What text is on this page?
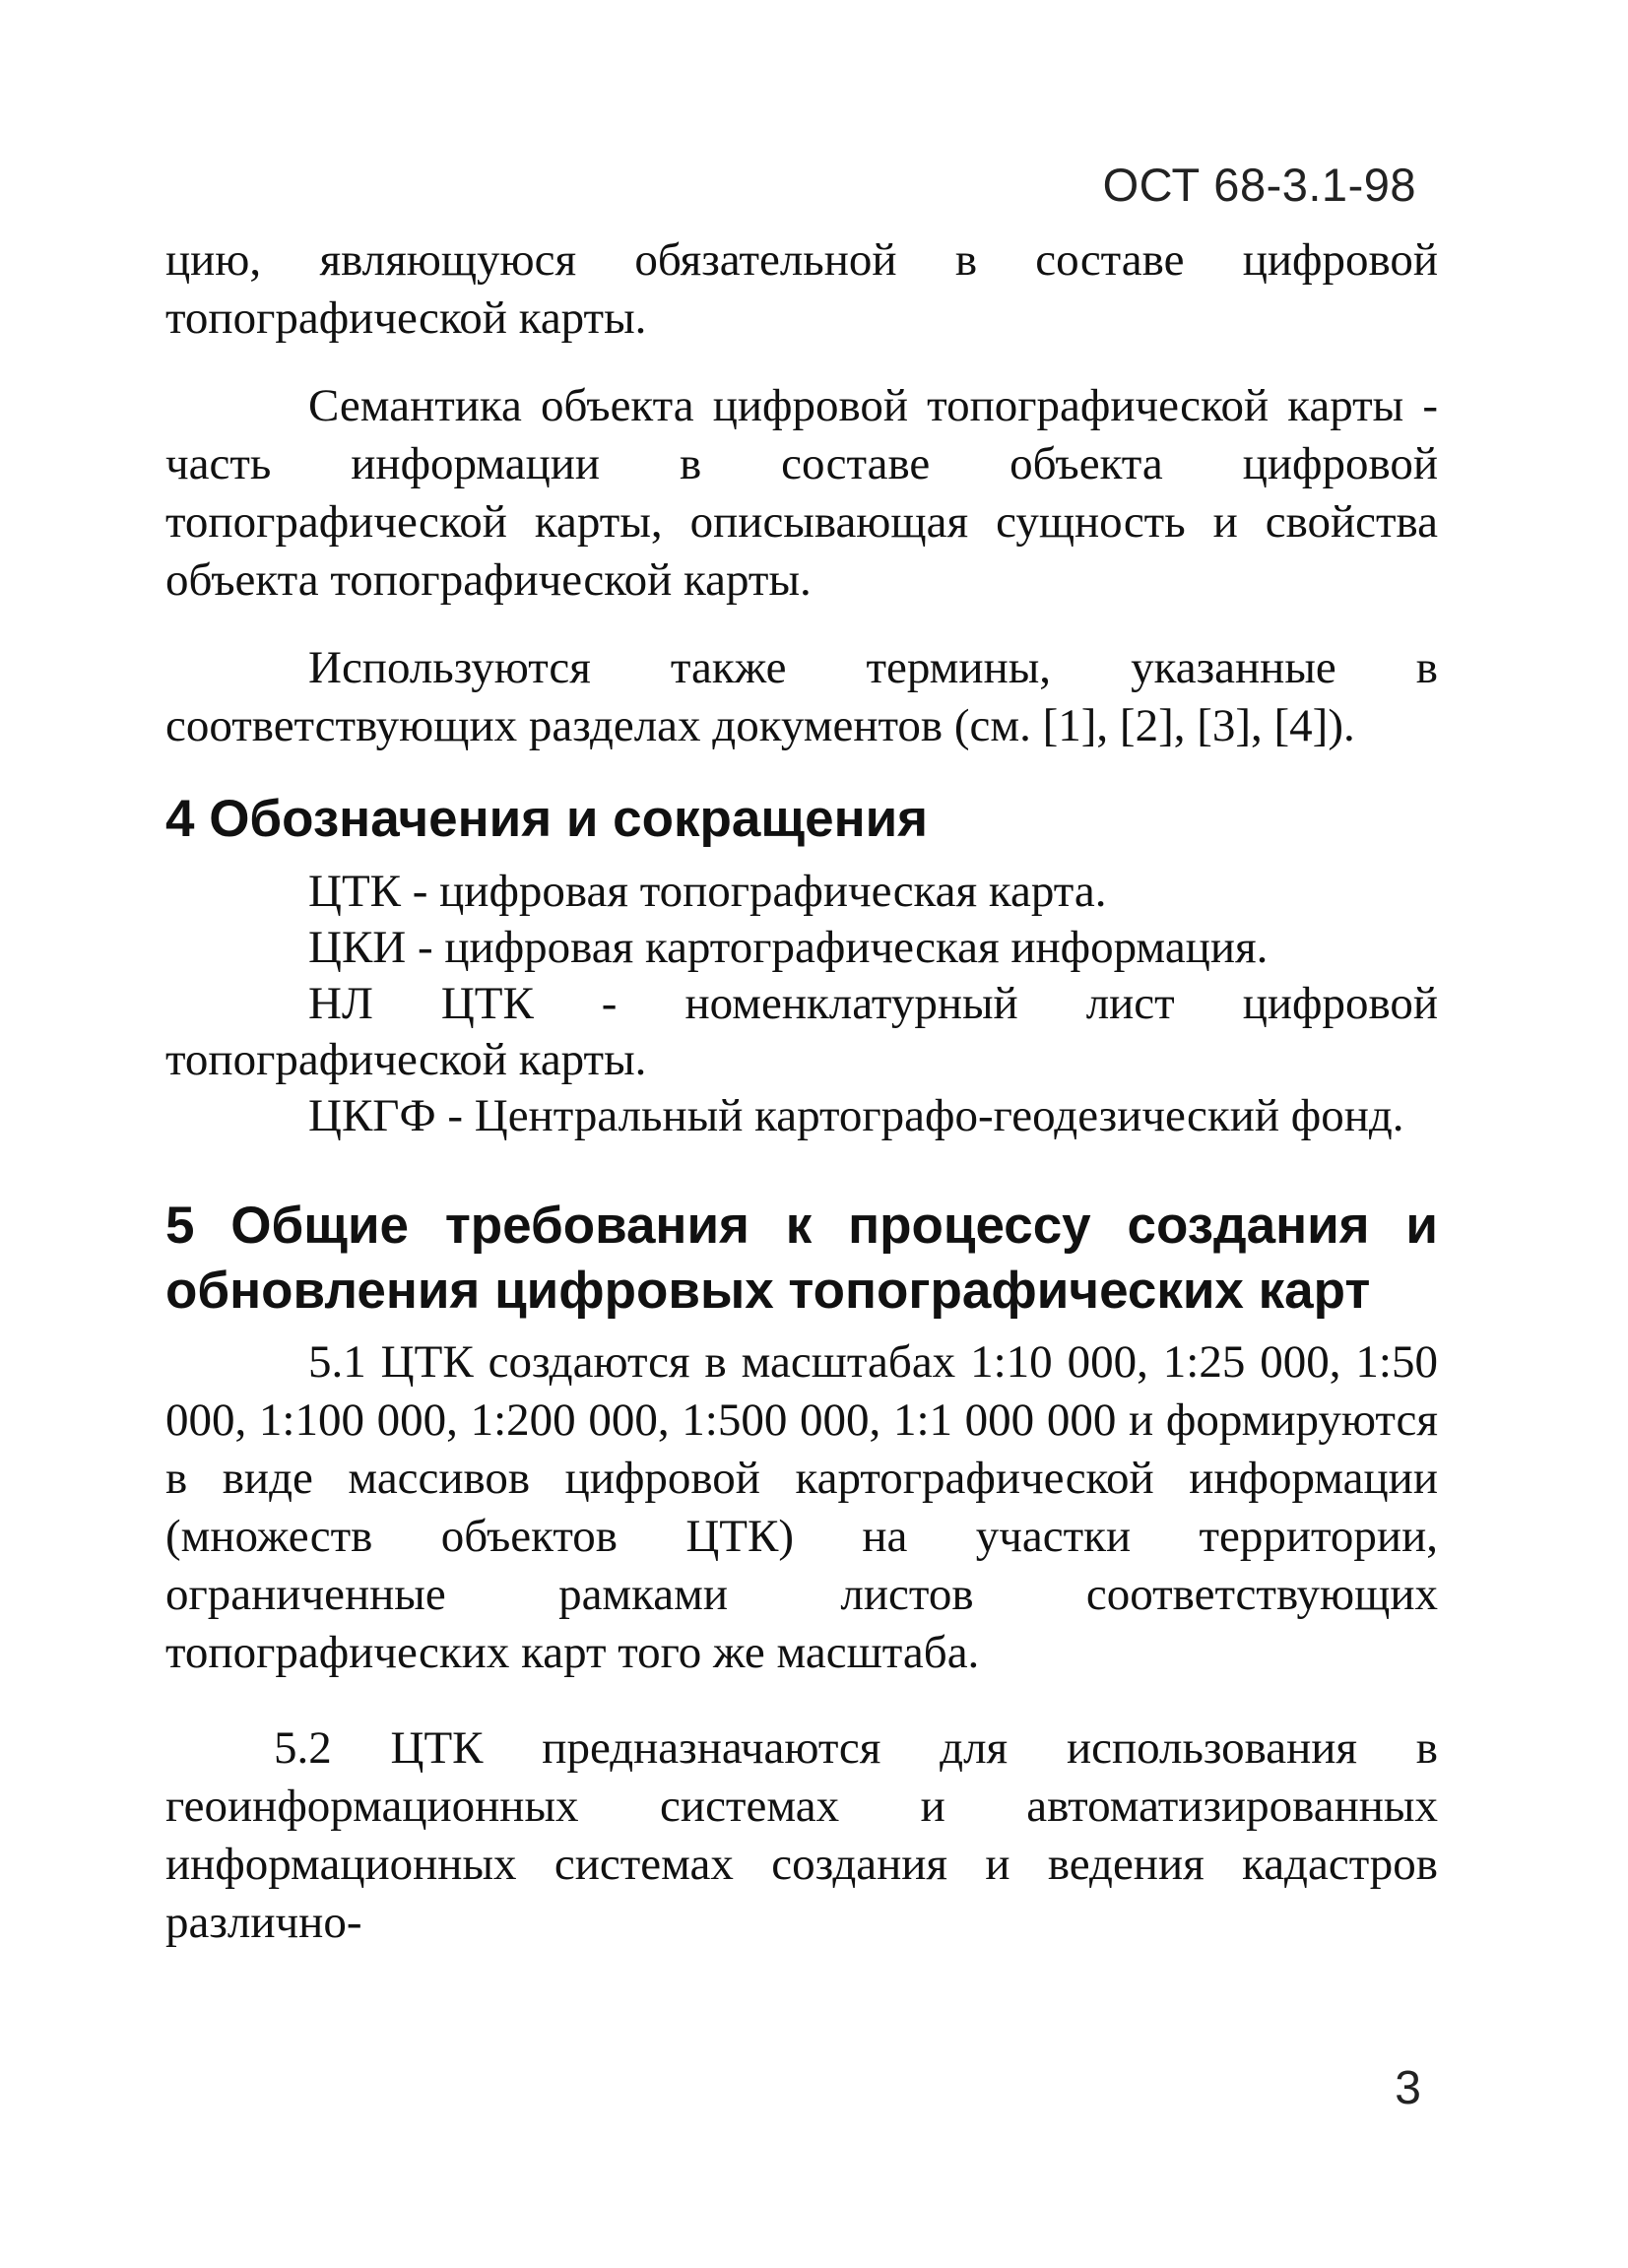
ОСТ 68-3.1-98

цию, являющуюся обязательной в составе цифровой топографической карты.

Семантика объекта цифровой топографической карты - часть информации в составе объекта цифровой топографической карты, описывающая сущность и свойства объекта топографической карты.

Используются также термины, указанные в соответствующих разделах документов (см. [1], [2], [3], [4]).

4 Обозначения и сокращения

ЦТК - цифровая топографическая карта.

ЦКИ - цифровая картографическая информация.

НЛ ЦТК - номенклатурный лист цифровой топографической карты.

ЦКГФ - Центральный картографо-геодезический фонд.

5 Общие требования к процессу создания и обновления цифровых топографических карт

5.1 ЦТК создаются в масштабах 1:10 000, 1:25 000, 1:50 000, 1:100 000, 1:200 000, 1:500 000, 1:1 000 000 и формируются в виде массивов цифровой картографической информации (множеств объектов ЦТК) на участки территории, ограниченные рамками листов соответствующих топографических карт того же масштаба.

5.2 ЦТК предназначаются для использования в геоинформационных системах и автоматизированных информационных системах создания и ведения кадастров различно-

3
